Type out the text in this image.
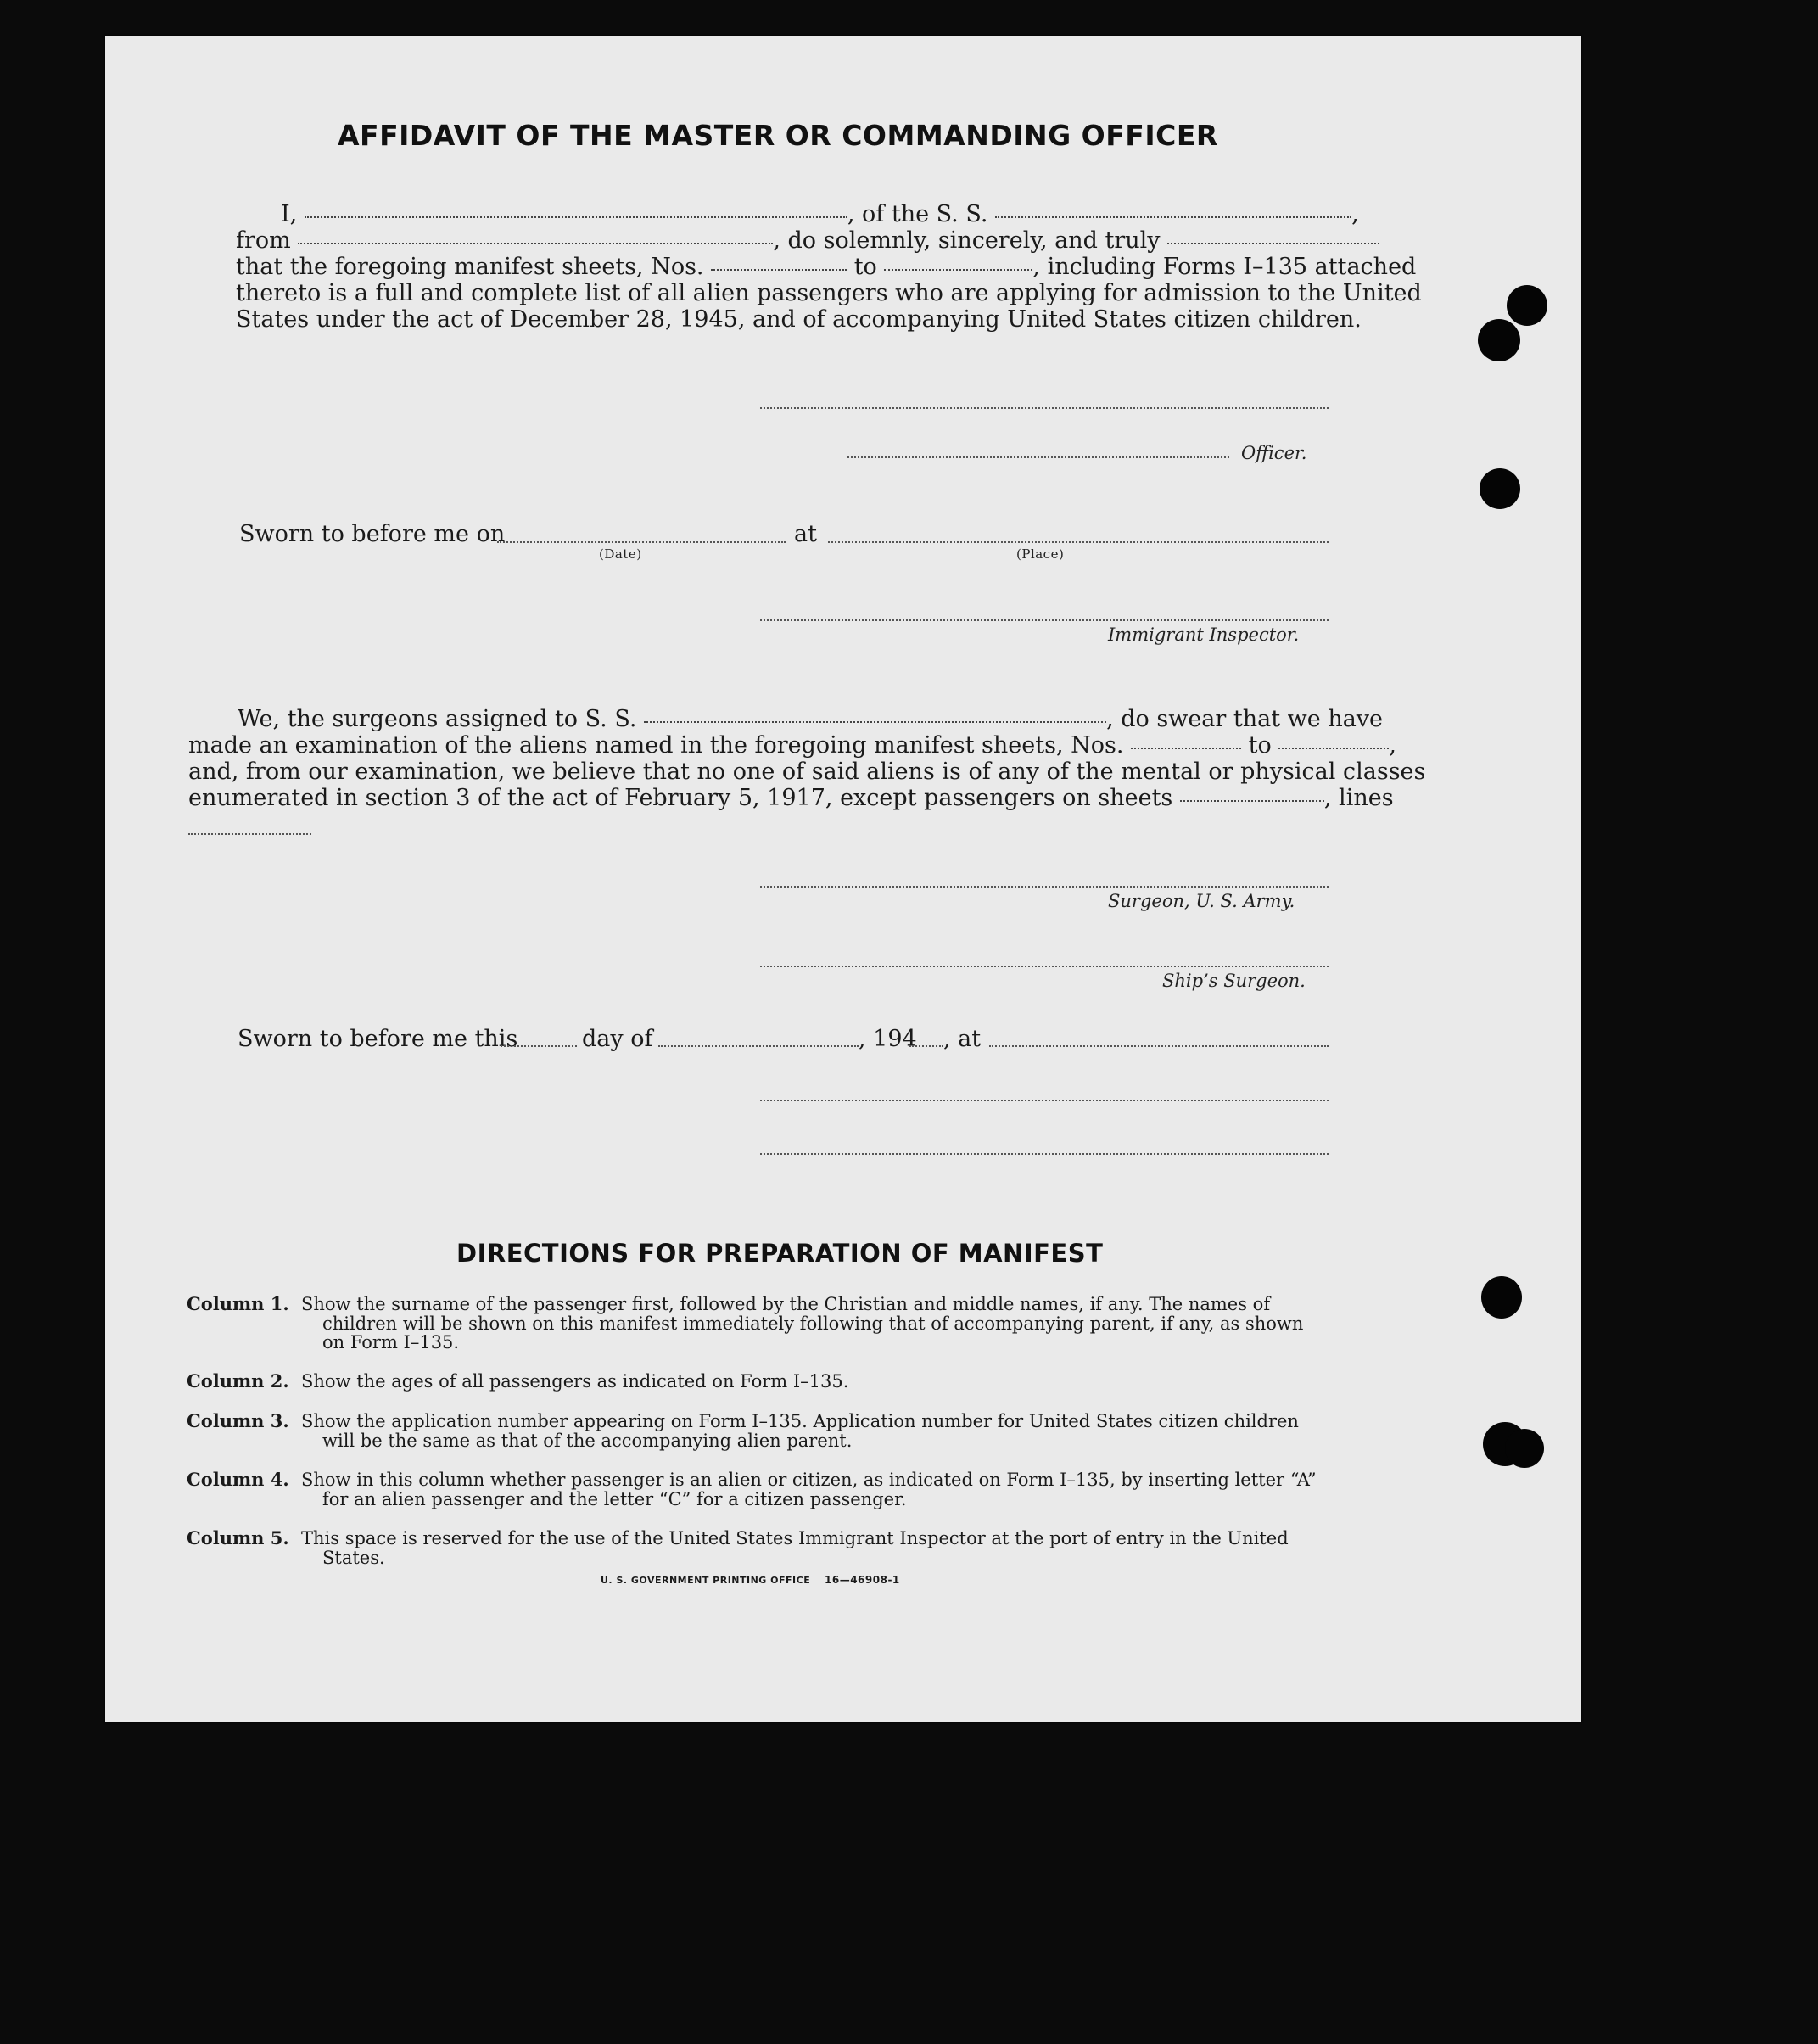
AFFIDAVIT OF THE MASTER OR COMMANDING OFFICER
I,	, of the S. S.	,
from	, do solemnly, sincerely, and truly
that the foregoing manifest sheets, Nos.	to	, including Forms I–135 attached
thereto is a full and complete list of all alien passengers who are applying for admission to the United
States under the act of December 28, 1945, and of accompanying United States citizen children.
Officer.
Sworn to before me on
(Date)
at
(Place)
Immigrant Inspector.
We, the surgeons assigned to S. S.	, do swear that we have
made an examination of the aliens named in the foregoing manifest sheets, Nos.	to	,
and, from our examination, we believe that no one of said aliens is of any of the mental or physical classes
enumerated in section 3 of the act of February 5, 1917, except passengers on sheets	, lines
Surgeon, U. S. Army.
Ship’s Surgeon.
Sworn to before me this	day of	, 194 , at
DIRECTIONS FOR PREPARATION OF MANIFEST
Column 1. Show the surname of the passenger first, followed by the Christian and middle names, if any. The names of
children will be shown on this manifest immediately following that of accompanying parent, if any, as shown
on Form I–135.
Column 2. Show the ages of all passengers as indicated on Form I–135.
Column 3. Show the application number appearing on Form I–135. Application number for United States citizen children
will be the same as that of the accompanying alien parent.
Column 4. Show in this column whether passenger is an alien or citizen, as indicated on Form I–135, by inserting letter “A”
for an alien passenger and the letter “C” for a citizen passenger.
Column 5. This space is reserved for the use of the United States Immigrant Inspector at the port of entry in the United
States.
U. S. GOVERNMENT PRINTING OFFICE 16—46908-1
